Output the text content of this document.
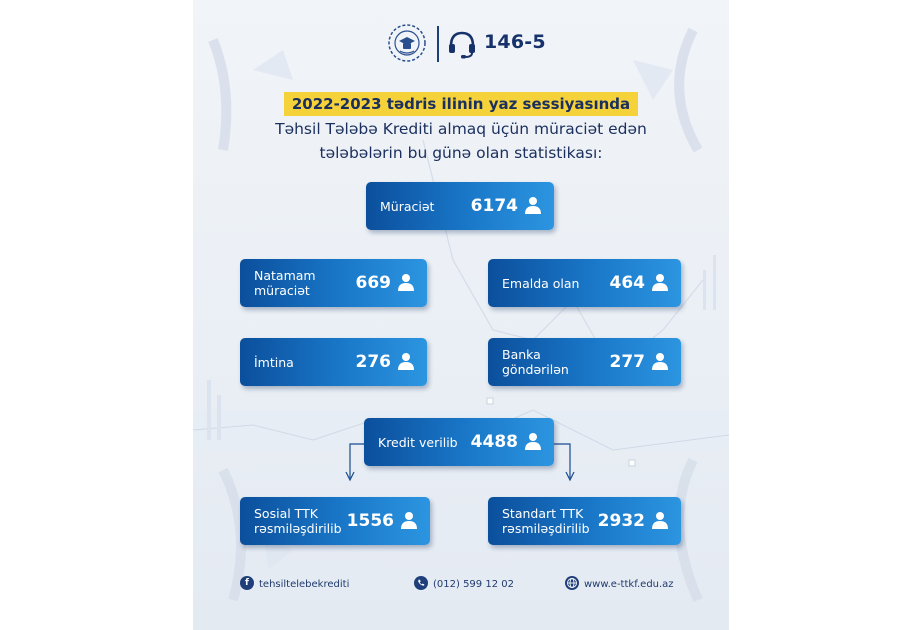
146-5
2022-2023 tədris ilinin yaz sessiyasında
Təhsil Tələbə Krediti almaq üçün müraciət edən
tələbələrin bu günə olan statistikası:
Müraciət 6174
Natamam
müraciət	669	Emalda olan 464
İmtina	276	Banka
göndərilən 277
Kredit verilib 4488
Sosial TTK
rəsmiləşdirilib 1556	Standart TTK
rəsmiləşdirilib 2932
f tehsiltelebekrediti	(012) 599 12 02	www.e-ttkf.edu.az
